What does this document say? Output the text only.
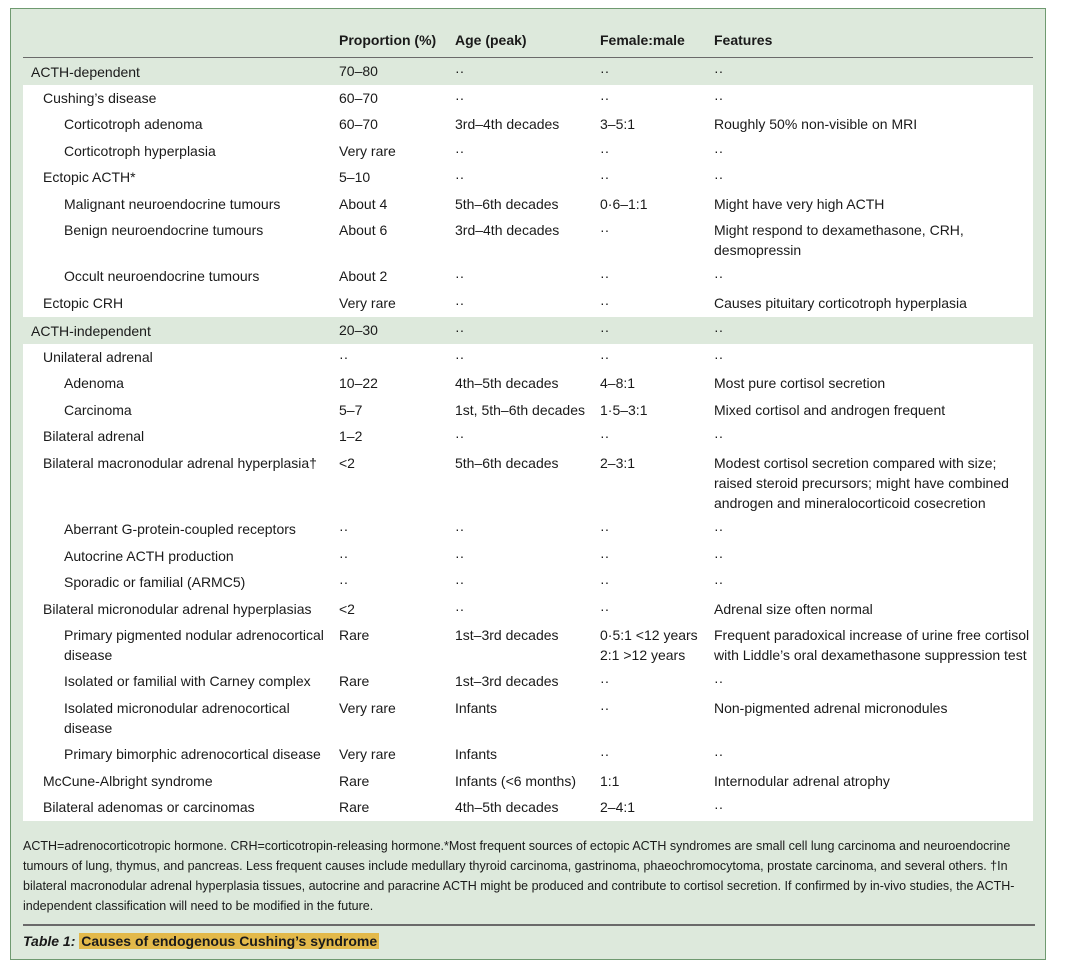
	Proportion (%)	Age (peak)	Female:male	Features
ACTH-dependent	70–80	··	··	··
Cushing’s disease	60–70	··	··	··
Corticotroph adenoma	60–70	3rd–4th decades	3–5:1	Roughly 50% non-visible on MRI
Corticotroph hyperplasia	Very rare	··	··	··
Ectopic ACTH*	5–10	··	··	··
Malignant neuroendocrine tumours	About 4	5th–6th decades	0·6–1:1	Might have very high ACTH
Benign neuroendocrine tumours	About 6	3rd–4th decades	··	Might respond to dexamethasone, CRH, desmopressin
Occult neuroendocrine tumours	About 2	··	··	··
Ectopic CRH	Very rare	··	··	Causes pituitary corticotroph hyperplasia
ACTH-independent	20–30	··	··	··
Unilateral adrenal	··	··	··	··
Adenoma	10–22	4th–5th decades	4–8:1	Most pure cortisol secretion
Carcinoma	5–7	1st, 5th–6th decades	1·5–3:1	Mixed cortisol and androgen frequent
Bilateral adrenal	1–2	··	··	··
Bilateral macronodular adrenal hyperplasia†	<2	5th–6th decades	2–3:1	Modest cortisol secretion compared with size; raised steroid precursors; might have combined androgen and mineralocorticoid cosecretion
Aberrant G-protein-coupled receptors	··	··	··	··
Autocrine ACTH production	··	··	··	··
Sporadic or familial (ARMC5)	··	··	··	··
Bilateral micronodular adrenal hyperplasias	<2	··	··	Adrenal size often normal
Primary pigmented nodular adrenocortical disease	Rare	1st–3rd decades	0·5:1 <12 years 2:1 >12 years	Frequent paradoxical increase of urine free cortisol with Liddle’s oral dexamethasone suppression test
Isolated or familial with Carney complex	Rare	1st–3rd decades	··	··
Isolated micronodular adrenocortical disease	Very rare	Infants	··	Non-pigmented adrenal micronodules
Primary bimorphic adrenocortical disease	Very rare	Infants	··	··
McCune-Albright syndrome	Rare	Infants (<6 months)	1:1	Internodular adrenal atrophy
Bilateral adenomas or carcinomas	Rare	4th–5th decades	2–4:1	··
ACTH=adrenocorticotropic hormone. CRH=corticotropin-releasing hormone.*Most frequent sources of ectopic ACTH syndromes are small cell lung carcinoma and neuroendocrine tumours of lung, thymus, and pancreas. Less frequent causes include medullary thyroid carcinoma, gastrinoma, phaeochromocytoma, prostate carcinoma, and several others. †In bilateral macronodular adrenal hyperplasia tissues, autocrine and paracrine ACTH might be produced and contribute to cortisol secretion. If confirmed by in-vivo studies, the ACTH-independent classification will need to be modified in the future.
Table 1: Causes of endogenous Cushing’s syndrome
